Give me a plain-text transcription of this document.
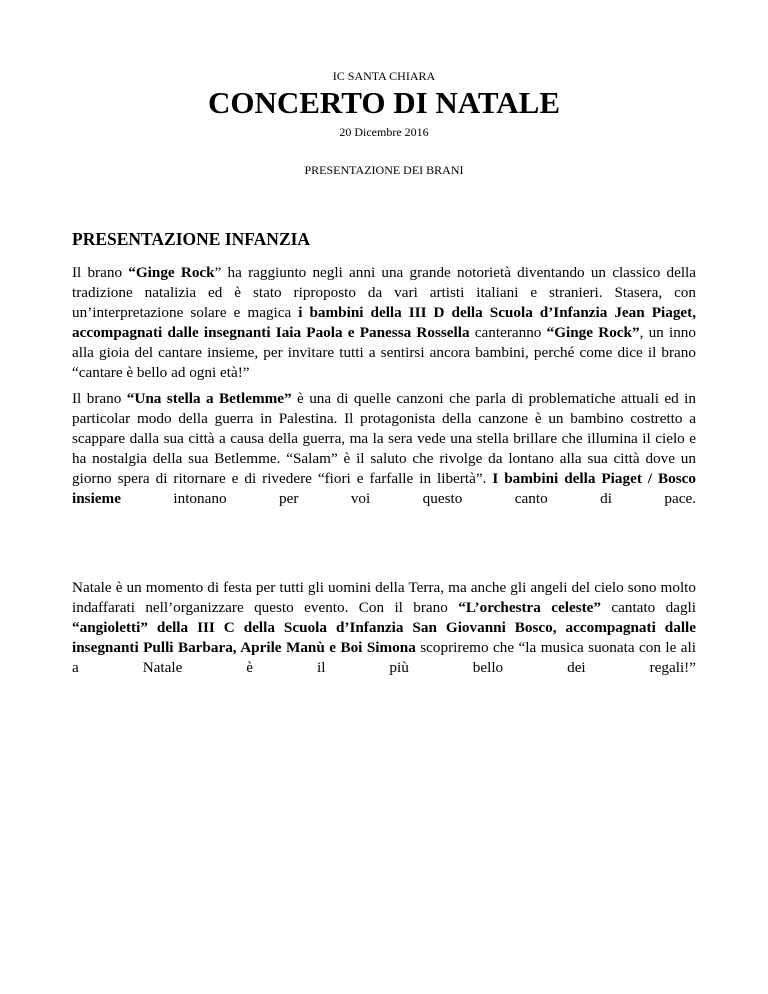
IC SANTA CHIARA
CONCERTO DI NATALE
20 Dicembre 2016
PRESENTAZIONE DEI BRANI
PRESENTAZIONE INFANZIA

Il brano “Ginge Rock” ha raggiunto negli anni una grande notorietà diventando un classico della tradizione natalizia ed è stato riproposto da vari artisti italiani e stranieri. Stasera, con un’interpretazione solare e magica i bambini della III D della Scuola d’Infanzia Jean Piaget, accompagnati dalle insegnanti Iaia Paola e Panessa Rossella canteranno “Ginge Rock”, un inno alla gioia del cantare insieme, per invitare tutti a sentirsi ancora bambini, perché come dice il brano “cantare è bello ad ogni età!”

Il brano “Una stella a Betlemme” è una di quelle canzoni che parla di problematiche attuali ed in particolar modo della guerra in Palestina. Il protagonista della canzone è un bambino costretto a scappare dalla sua città a causa della guerra, ma la sera vede una stella brillare che illumina il cielo e ha nostalgia della sua Betlemme. “Salam” è il saluto che rivolge da lontano alla sua città dove un giorno spera di ritornare e di rivedere “fiori e farfalle in libertà”. I bambini della Piaget / Bosco insieme intonano per voi questo canto di pace.

Natale è un momento di festa per tutti gli uomini della Terra, ma anche gli angeli del cielo sono molto indaffarati nell’organizzare questo evento. Con il brano “L’orchestra celeste” cantato dagli “angioletti” della III C della Scuola d’Infanzia San Giovanni Bosco, accompagnati dalle insegnanti Pulli Barbara, Aprile Manù e Boi Simona scopriremo che “la musica suonata con le ali a Natale è il più bello dei regali!”
